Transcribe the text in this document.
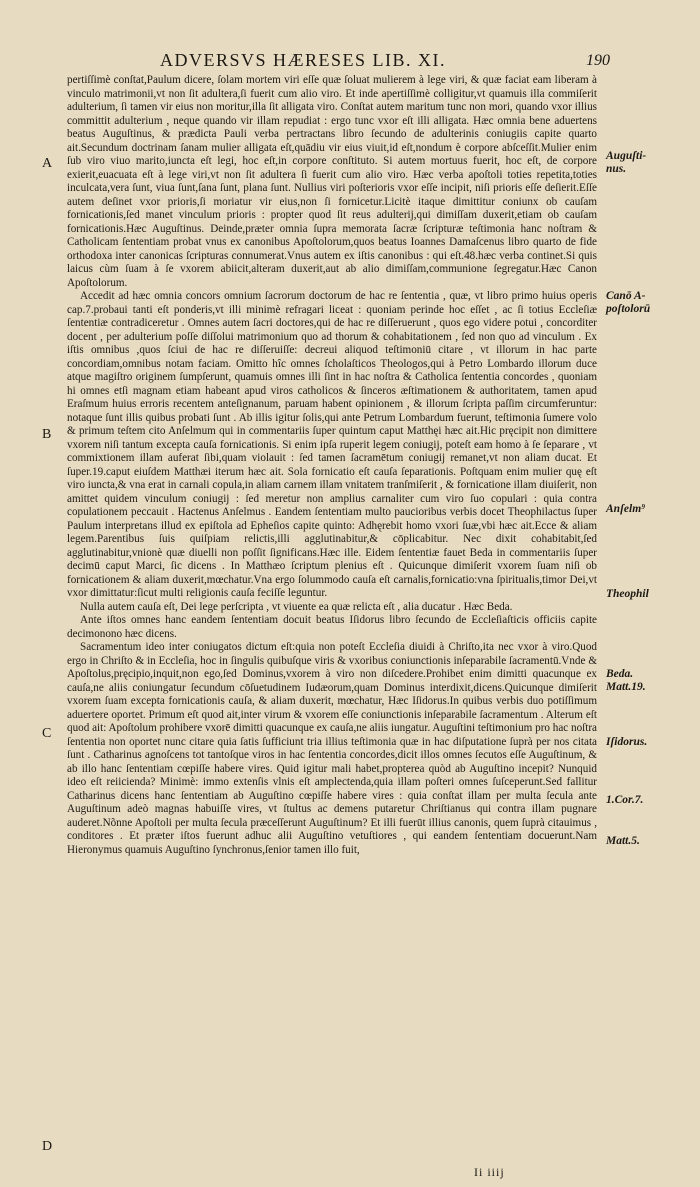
ADVERSVS HÆRESES LIB. XI.	190

pertiſſimè conſtat,Paulum dicere, ſolam mortem viri eſſe quæ ſoluat mulierem à lege viri, & quæ faciat eam liberam à vinculo matrimonii,vt non ſit adultera,ſi fuerit cum alio viro. Et inde apertiſſimè colligitur,vt quamuis illa commiſerit adulterium, ſi tamen vir eius non moritur,illa ſit alligata viro. Conſtat autem maritum tunc non mori, quando vxor illius committit adulterium , neque quando vir illam repudiat : ergo tunc vxor eſt illi alligata. Hæc omnia bene aduertens beatus Auguſtinus, & prædicta Pauli verba pertractans libro ſecundo de adulterinis coniugiis capite quarto ait.Secundum doctrinam ſanam mulier alligata eſt,quādiu vir eius viuit,id eſt,nondum è corpore abſceſſit.Mulier enim ſub viro viuo marito,iuncta eſt legi, hoc eſt,in corpore conſtituto. Si autem mortuus fuerit, hoc eſt, de corpore exierit,euacuata eſt à lege viri,vt non ſit adultera ſi fuerit cum alio viro. Hæc verba apoſtoli toties repetita,toties inculcata,vera ſunt, viua ſunt,ſana ſunt, plana ſunt. Nullius viri poſterioris vxor eſſe incipit, niſi prioris eſſe deſierit.Eſſe autem deſinet vxor prioris,ſi moriatur vir eius,non ſi fornicetur.Licitè itaque dimittitur coniunx ob cauſam fornicationis,ſed manet vinculum prioris : propter quod ſit reus adulterij,qui dimiſſam duxerit,etiam ob cauſam fornicationis.Hæc Auguſtinus. Deinde,præter omnia ſupra memorata ſacræ ſcripturæ teſtimonia hanc noſtram & Catholicam ſententiam probat vnus ex canonibus Apoſtolorum,quos beatus Ioannes Damaſcenus libro quarto de fide orthodoxa inter canonicas ſcripturas connumerat.Vnus autem ex iſtis canonibus : qui eſt.48.hæc verba continet.Si quis laicus cùm ſuam à ſe vxorem abiicit,alteram duxerit,aut ab alio dimiſſam,communione ſegregatur.Hæc Canon Apoſtolorum.

Accedit ad hæc omnia concors omnium ſacrorum doctorum de hac re ſententia , quæ, vt libro primo huius operis cap.7.probaui tanti eſt ponderis,vt illi minimè refragari liceat : quoniam perinde hoc eſſet , ac ſi totius Eccleſiæ ſententiæ contradiceretur . Omnes autem ſacri doctores,qui de hac re diſſeruerunt , quos ego videre potui , concorditer docent , per adulterium poſſe diſſolui matrimonium quo ad thorum & cohabitationem , ſed non quo ad vinculum . Ex iſtis omnibus ,quos ſciui de hac re diſſeruiſſe: decreui aliquod teſtimoniū citare , vt illorum in hac parte concordiam,omnibus notam faciam. Omitto hîc omnes ſcholaſticos Theologos,qui à Petro Lombardo illorum duce atque magiſtro originem ſumpſerunt, quamuis omnes illi ſint in hac noſtra & Catholica ſententia concordes , quoniam hi omnes etſi magnam etiam habeant apud viros catholicos & ſinceros æſtimationem & authoritatem, tamen apud Eraſmum huius erroris recentem anteſignanum, paruam habent opinionem , & illorum ſcripta paſſim circumferuntur: notaque ſunt illis quibus probati ſunt . Ab illis igitur ſolis,qui ante Petrum Lombardum fuerunt, teſtimonia ſumere volo & primum teſtem cito Anſelmum qui in commentariis ſuper quintum caput Matthęi hæc ait.Hic pręcipit non dimittere vxorem niſi tantum exceptа cauſa fornicationis. Si enim ipſa ruperit legem coniugij, poteſt eam homo à ſe ſeparare , vt commixtionem illam auferat ſibi,quam violauit : ſed tamen ſacramētum coniugij remanet,vt non aliam ducat. Et ſuper.19.caput eiuſdem Matthæi iterum hæc ait. Sola fornicatio eſt cauſa ſeparationis. Poſtquam enim mulier quę eſt viro iuncta,& vna erat in carnali copula,in aliam carnem illam vnitatem tranſmiſerit , & fornicatione illam diuiſerit, non amittet quidem vinculum coniugij : ſed meretur non amplius carnaliter cum viro ſuo copulari : quia contra copulationem peccauit . Hactenus Anſelmus . Eandem ſententiam multo paucioribus verbis docet Theophilactus ſuper Paulum interpretans illud ex epiſtola ad Epheſios capite quinto: Adhęrebit homo vxori ſuæ,vbi hæc ait.Ecce & aliam legem.Parentibus ſuis quiſpiam relictis,illi agglutinabitur,& cōplicabitur. Nec dixit cohabitabit,ſed agglutinabitur,vnionè quæ diuelli non poſſit ſignificans.Hæc ille. Eidem ſententiæ fauet Beda in commentariis ſuper decimū caput Marci, ſic dicens . In Matthæo ſcriptum plenius eſt . Quicunque dimiſerit vxorem ſuam niſi ob fornicationem & aliam duxerit,mœchatur.Vna ergo ſolummodo cauſa eſt carnalis,fornicatio:vna ſpiritualis,timor Dei,vt vxor dimittatur:ſicut multi religionis cauſa feciſſe leguntur.

Nulla autem cauſa eſt, Dei lege perſcripta , vt viuente ea quæ relicta eſt , alia ducatur . Hæc Beda.

Ante iſtos omnes hanc eandem ſententiam docuit beatus Iſidorus libro ſecundo de Eccleſiaſticis officiis capite decimonono hæc dicens.

Sacramentum ideo inter coniugatos dictum eſt:quia non poteſt Eccleſia diuidi à Chriſto,ita nec vxor à viro.Quod ergo in Chriſto & in Eccleſia, hoc in ſingulis quibuſque viris & vxoribus coniunctionis inſeparabile ſacramentū.Vnde & Apoſtolus,pręcipio,inquit,non ego,ſed Dominus,vxorem à viro non diſcedere.Prohibet enim dimitti quacunque ex cauſa,ne aliis coniungatur ſecundum cōſuetudinem Iudæorum,quam Dominus interdixit,dicens.Quicunque dimiſerit vxorem ſuam excepta fornicationis cauſa, & aliam duxerit, mœchatur, Hæc Iſidorus.In quibus verbis duo potiſſimum aduertere oportet. Primum eſt quod ait,inter virum & vxorem eſſe coniunctionis inſeparabile ſacramentum . Alterum eſt quod ait: Apoſtolum prohibere vxorē dimitti quacunque ex cauſa,ne aliis iungatur. Auguſtini teſtimonium pro hac noſtra ſententia non oportet nunc citare quia ſatis ſufficiunt tria illius teſtimonia quæ in hac diſputatione ſuprà per nos citata ſunt . Catharinus agnoſcens tot tantoſque viros in hac ſententia concordes,dicit illos omnes ſecutos eſſe Auguſtinum, & ab illo hanc ſententiam cœpiſſe habere vires. Quid igitur mali habet,propterea quòd ab Auguſtino incepit? Nunquid ideo eſt reiicienda? Minimè: immo extenſis vlnis eſt amplectenda,quia illam poſteri omnes ſuſceperunt.Sed fallitur Catharinus dicens hanc ſententiam ab Auguſtino cœpiſſe habere vires : quia conſtat illam per multa ſecula ante Auguſtinum adeò magnas habuiſſe vires, vt ſtultus ac demens putaretur Chriſtianus qui contra illam pugnare auderet.Nõnne Apoſtoli per multa ſecula præceſſerunt Auguſtinum? Et illi fuerūt illius canonis, quem ſuprà citauimus , conditores . Et præter iſtos fuerunt adhuc alii Auguſtino vetuſtiores , qui eandem ſententiam docuerunt.Nam Hieronymus quamuis Auguſtino ſynchronus,ſenior tamen illo fuit,

A
B
C
D
Auguſti-nus.
Canō A-poſtolorū
Anſelm⁹
Theophil
Beda. Matt.19.
Iſidorus.
1.Cor.7.
Matt.5.
Ii iiij
